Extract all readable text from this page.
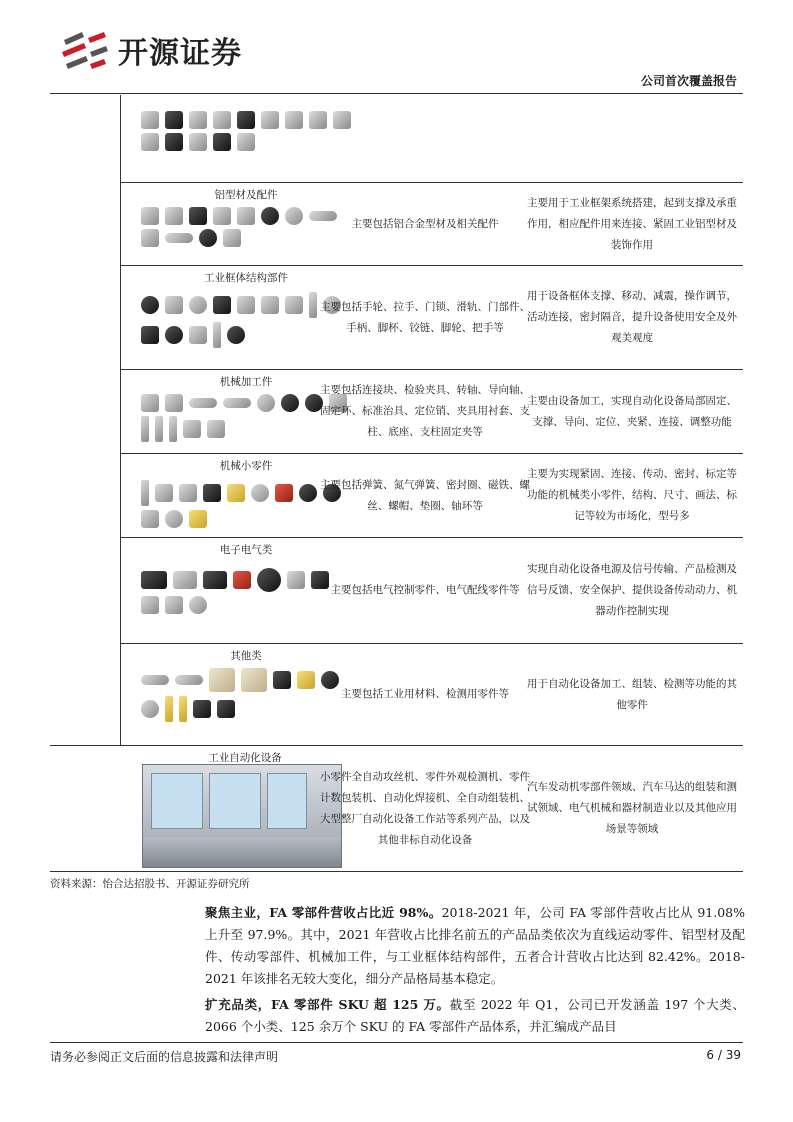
开源证券
公司首次覆盖报告
铝型材及配件
主要包括铝合金型材及相关配件
主要用于工业框架系统搭建，起到支撑及承重作用，相应配件用来连接、紧固工业铝型材及装饰作用
工业框体结构部件
主要包括手轮、拉手、门锁、滑轨、门部件、手柄、脚杯、铰链、脚轮、把手等
用于设备框体支撑、移动、减震，操作调节，活动连接，密封隔音，提升设备使用安全及外观美观度
机械加工件
主要包括连接块、检验夹具、转轴、导向轴、固定环、标准治具、定位销、夹具用衬套、支柱、底座、支柱固定夹等
主要由设备加工，实现自动化设备局部固定、支撑、导向、定位、夹紧、连接、调整功能
机械小零件
主要包括弹簧、氮气弹簧、密封圈、磁铁、螺丝、螺帽、垫圈、轴环等
主要为实现紧固、连接、传动、密封、标定等功能的机械类小零件，结构、尺寸、画法、标记等较为市场化，型号多
电子电气类
主要包括电气控制零件、电气配线零件等
实现自动化设备电源及信号传输、产品检测及信号反馈、安全保护、提供设备传动动力、机器动作控制实现
其他类
主要包括工业用材料、检测用零件等
用于自动化设备加工、组装、检测等功能的其他零件
工业自动化设备
小零件全自动攻丝机、零件外观检测机、零件计数包装机、自动化焊接机、全自动组装机、大型整厂自动化设备工作站等系列产品，以及其他非标自动化设备
汽车发动机零部件领域、汽车马达的组装和测试领域、电气机械和器材制造业以及其他应用场景等领域
资料来源：怡合达招股书、开源证券研究所
聚焦主业，FA 零部件营收占比近 98%。2018-2021 年，公司 FA 零部件营收占比从 91.08%上升至 97.9%。其中，2021 年营收占比排名前五的产品品类依次为直线运动零件、铝型材及配件、传动零部件、机械加工件，与工业框体结构部件，五者合计营收占比达到 82.42%。2018-2021 年该排名无较大变化，细分产品格局基本稳定。
扩充品类，FA 零部件 SKU 超 125 万。截至 2022 年 Q1，公司已开发涵盖 197 个大类、2066 个小类、125 余万个 SKU 的 FA 零部件产品体系，并汇编成产品目
请务必参阅正文后面的信息披露和法律声明	6 / 39
